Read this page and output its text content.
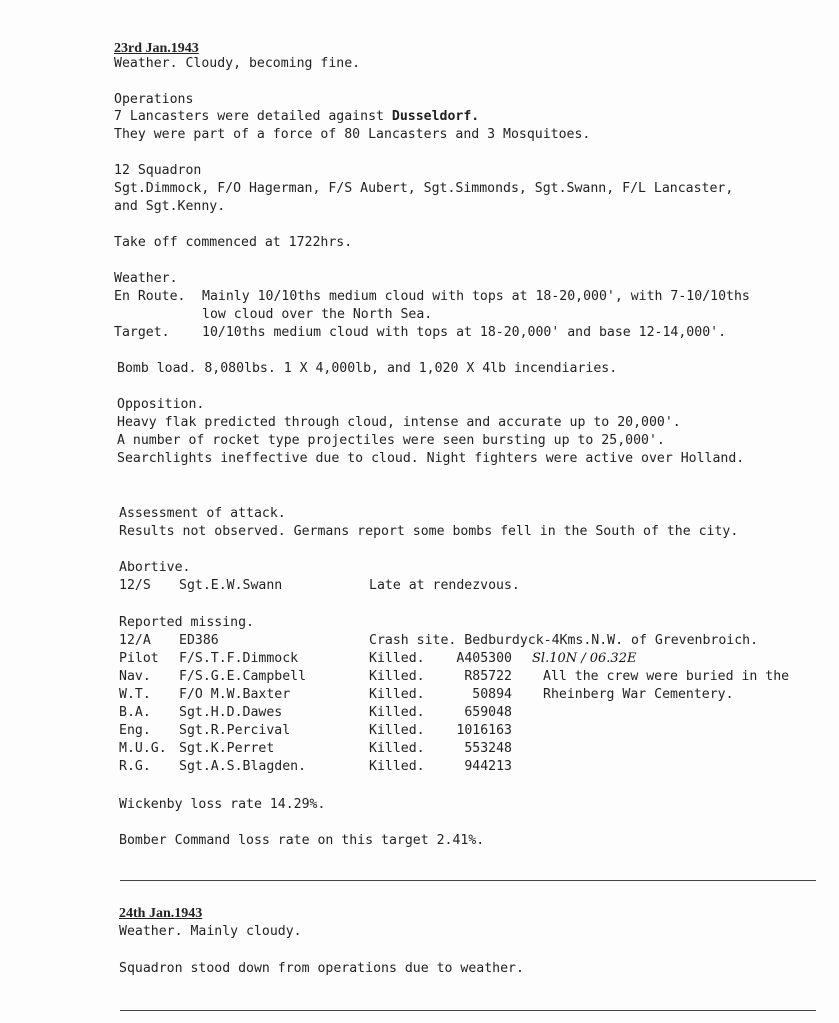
23rd Jan.1943
Weather. Cloudy, becoming fine.
Operations
7 Lancasters were detailed against Dusseldorf.
They were part of a force of 80 Lancasters and 3 Mosquitoes.
12 Squadron
Sgt.Dimmock, F/O Hagerman, F/S Aubert, Sgt.Simmonds, Sgt.Swann, F/L Lancaster,
and Sgt.Kenny.
Take off commenced at 1722hrs.
Weather.
En Route. Mainly 10/10ths medium cloud with tops at 18-20,000', with 7-10/10ths
low cloud over the North Sea.
Target. 10/10ths medium cloud with tops at 18-20,000' and base 12-14,000'.
Bomb load. 8,080lbs. 1 X 4,000lb, and 1,020 X 4lb incendiaries.
Opposition.
Heavy flak predicted through cloud, intense and accurate up to 20,000'.
A number of rocket type projectiles were seen bursting up to 25,000'.
Searchlights ineffective due to cloud. Night fighters were active over Holland.
Assessment of attack.
Results not observed. Germans report some bombs fell in the South of the city.
Abortive.
12/S Sgt.E.W.Swann	Late at rendezvous.
Reported missing.
12/A ED386	Crash site. Bedburdyck-4Kms.N.W. of Grevenbroich.
Pilot F/S.T.F.Dimmock	Killed.	A405300
Nav. F/S.G.E.Campbell	Killed.	R85722 All the crew were buried in the
W.T. F/O M.W.Baxter	Killed.	50894 Rheinberg War Cementery.
B.A. Sgt.H.D.Dawes	Killed.	659048
Eng. Sgt.R.Percival	Killed.	1016163
M.U.G. Sgt.K.Perret	Killed.	553248
R.G. Sgt.A.S.Blagden.	Killed.	944213
Sl.10N / 06.32E
Wickenby loss rate 14.29%.
Bomber Command loss rate on this target 2.41%.
24th Jan.1943
Weather. Mainly cloudy.
Squadron stood down from operations due to weather.
